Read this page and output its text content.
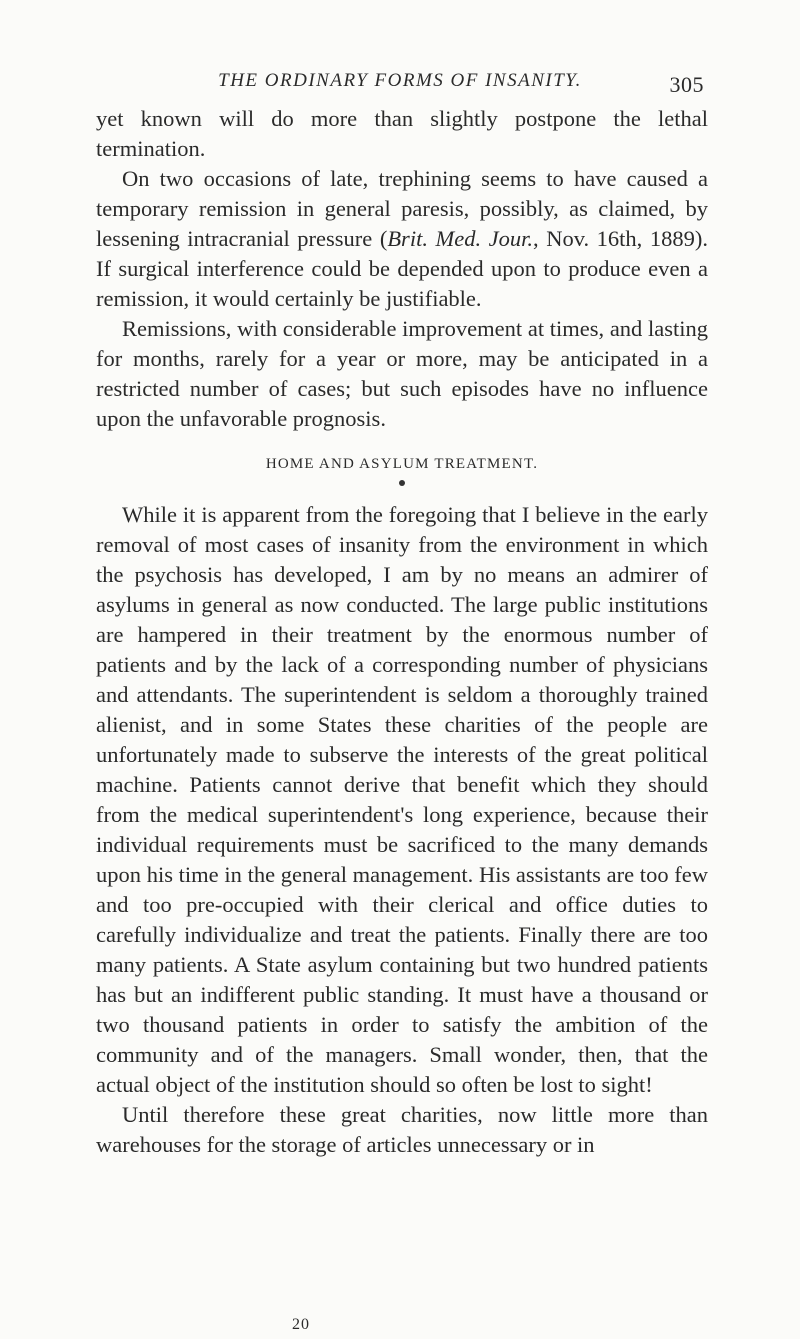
THE ORDINARY FORMS OF INSANITY.	305

yet known will do more than slightly postpone the lethal termination.

On two occasions of late, trephining seems to have caused a temporary remission in general paresis, possibly, as claimed, by lessening intracranial pressure (Brit. Med. Jour., Nov. 16th, 1889). If surgical interference could be depended upon to produce even a remission, it would certainly be justifiable.

Remissions, with considerable improvement at times, and lasting for months, rarely for a year or more, may be anticipated in a restricted number of cases; but such episodes have no influence upon the unfavorable prognosis.

HOME AND ASYLUM TREATMENT.

While it is apparent from the foregoing that I believe in the early removal of most cases of insanity from the environment in which the psychosis has developed, I am by no means an admirer of asylums in general as now conducted. The large public institutions are hampered in their treatment by the enormous number of patients and by the lack of a corresponding number of physicians and attendants. The superintendent is seldom a thoroughly trained alienist, and in some States these charities of the people are unfortunately made to subserve the interests of the great political machine. Patients cannot derive that benefit which they should from the medical superintendent's long experience, because their individual requirements must be sacrificed to the many demands upon his time in the general management. His assistants are too few and too pre-occupied with their clerical and office duties to carefully individualize and treat the patients. Finally there are too many patients. A State asylum containing but two hundred patients has but an indifferent public standing. It must have a thousand or two thousand patients in order to satisfy the ambition of the community and of the managers. Small wonder, then, that the actual object of the institution should so often be lost to sight!

Until therefore these great charities, now little more than warehouses for the storage of articles unnecessary or in

20
